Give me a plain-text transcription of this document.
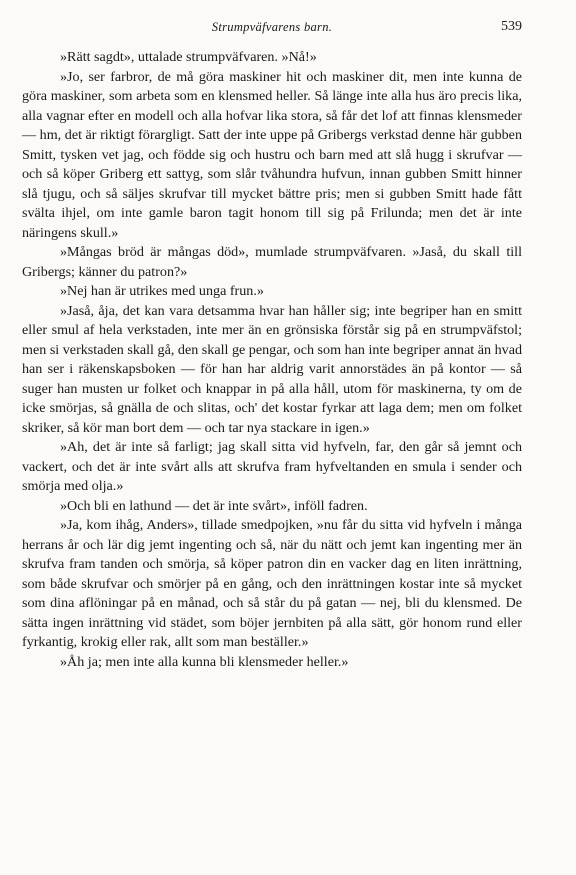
Strumpväfvarens barn.	539

»Rätt sagdt», uttalade strumpväfvaren. »Nå!»

»Jo, ser farbror, de må göra maskiner hit och maskiner dit, men inte kunna de göra maskiner, som arbeta som en klensmed heller. Så länge inte alla hus äro precis lika, alla vagnar efter en modell och alla hofvar lika stora, så får det lof att finnas klensmeder — hm, det är riktigt förargligt. Satt der inte uppe på Gribergs verkstad denne här gubben Smitt, tysken vet jag, och födde sig och hustru och barn med att slå hugg i skrufvar — och så köper Griberg ett sattyg, som slår tvåhundra hufvun, innan gubben Smitt hinner slå tjugu, och så säljes skrufvar till mycket bättre pris; men si gubben Smitt hade fått svälta ihjel, om inte gamle baron tagit honom till sig på Frilunda; men det är inte näringens skull.»

»Mångas bröd är mångas död», mumlade strumpväfvaren. »Jaså, du skall till Gribergs; känner du patron?»

»Nej han är utrikes med unga frun.»

»Jaså, åja, det kan vara detsamma hvar han håller sig; inte begriper han en smitt eller smul af hela verkstaden, inte mer än en grönsiska förstår sig på en strumpväfstol; men si verkstaden skall gå, den skall ge pengar, och som han inte begriper annat än hvad han ser i räkenskapsboken — för han har aldrig varit annorstädes än på kontor — så suger han musten ur folket och knappar in på alla håll, utom för maskinerna, ty om de icke smörjas, så gnälla de och slitas, och' det kostar fyrkar att laga dem; men om folket skriker, så kör man bort dem — och tar nya stackare in igen.»

»Ah, det är inte så farligt; jag skall sitta vid hyfveln, far, den går så jemnt och vackert, och det är inte svårt alls att skrufva fram hyfveltanden en smula i sender och smörja med olja.»

»Och bli en lathund — det är inte svårt», inföll fadren.

»Ja, kom ihåg, Anders», tillade smedpojken, »nu får du sitta vid hyfveln i många herrans år och lär dig jemt ingenting och så, när du nätt och jemt kan ingenting mer än skrufva fram tanden och smörja, så köper patron din en vacker dag en liten inrättning, som både skrufvar och smörjer på en gång, och den inrättningen kostar inte så mycket som dina aflöningar på en månad, och så står du på gatan — nej, bli du klensmed. De sätta ingen inrättning vid städet, som böjer jernbiten på alla sätt, gör honom rund eller fyrkantig, krokig eller rak, allt som man beställer.»

»Åh ja; men inte alla kunna bli klensmeder heller.»
